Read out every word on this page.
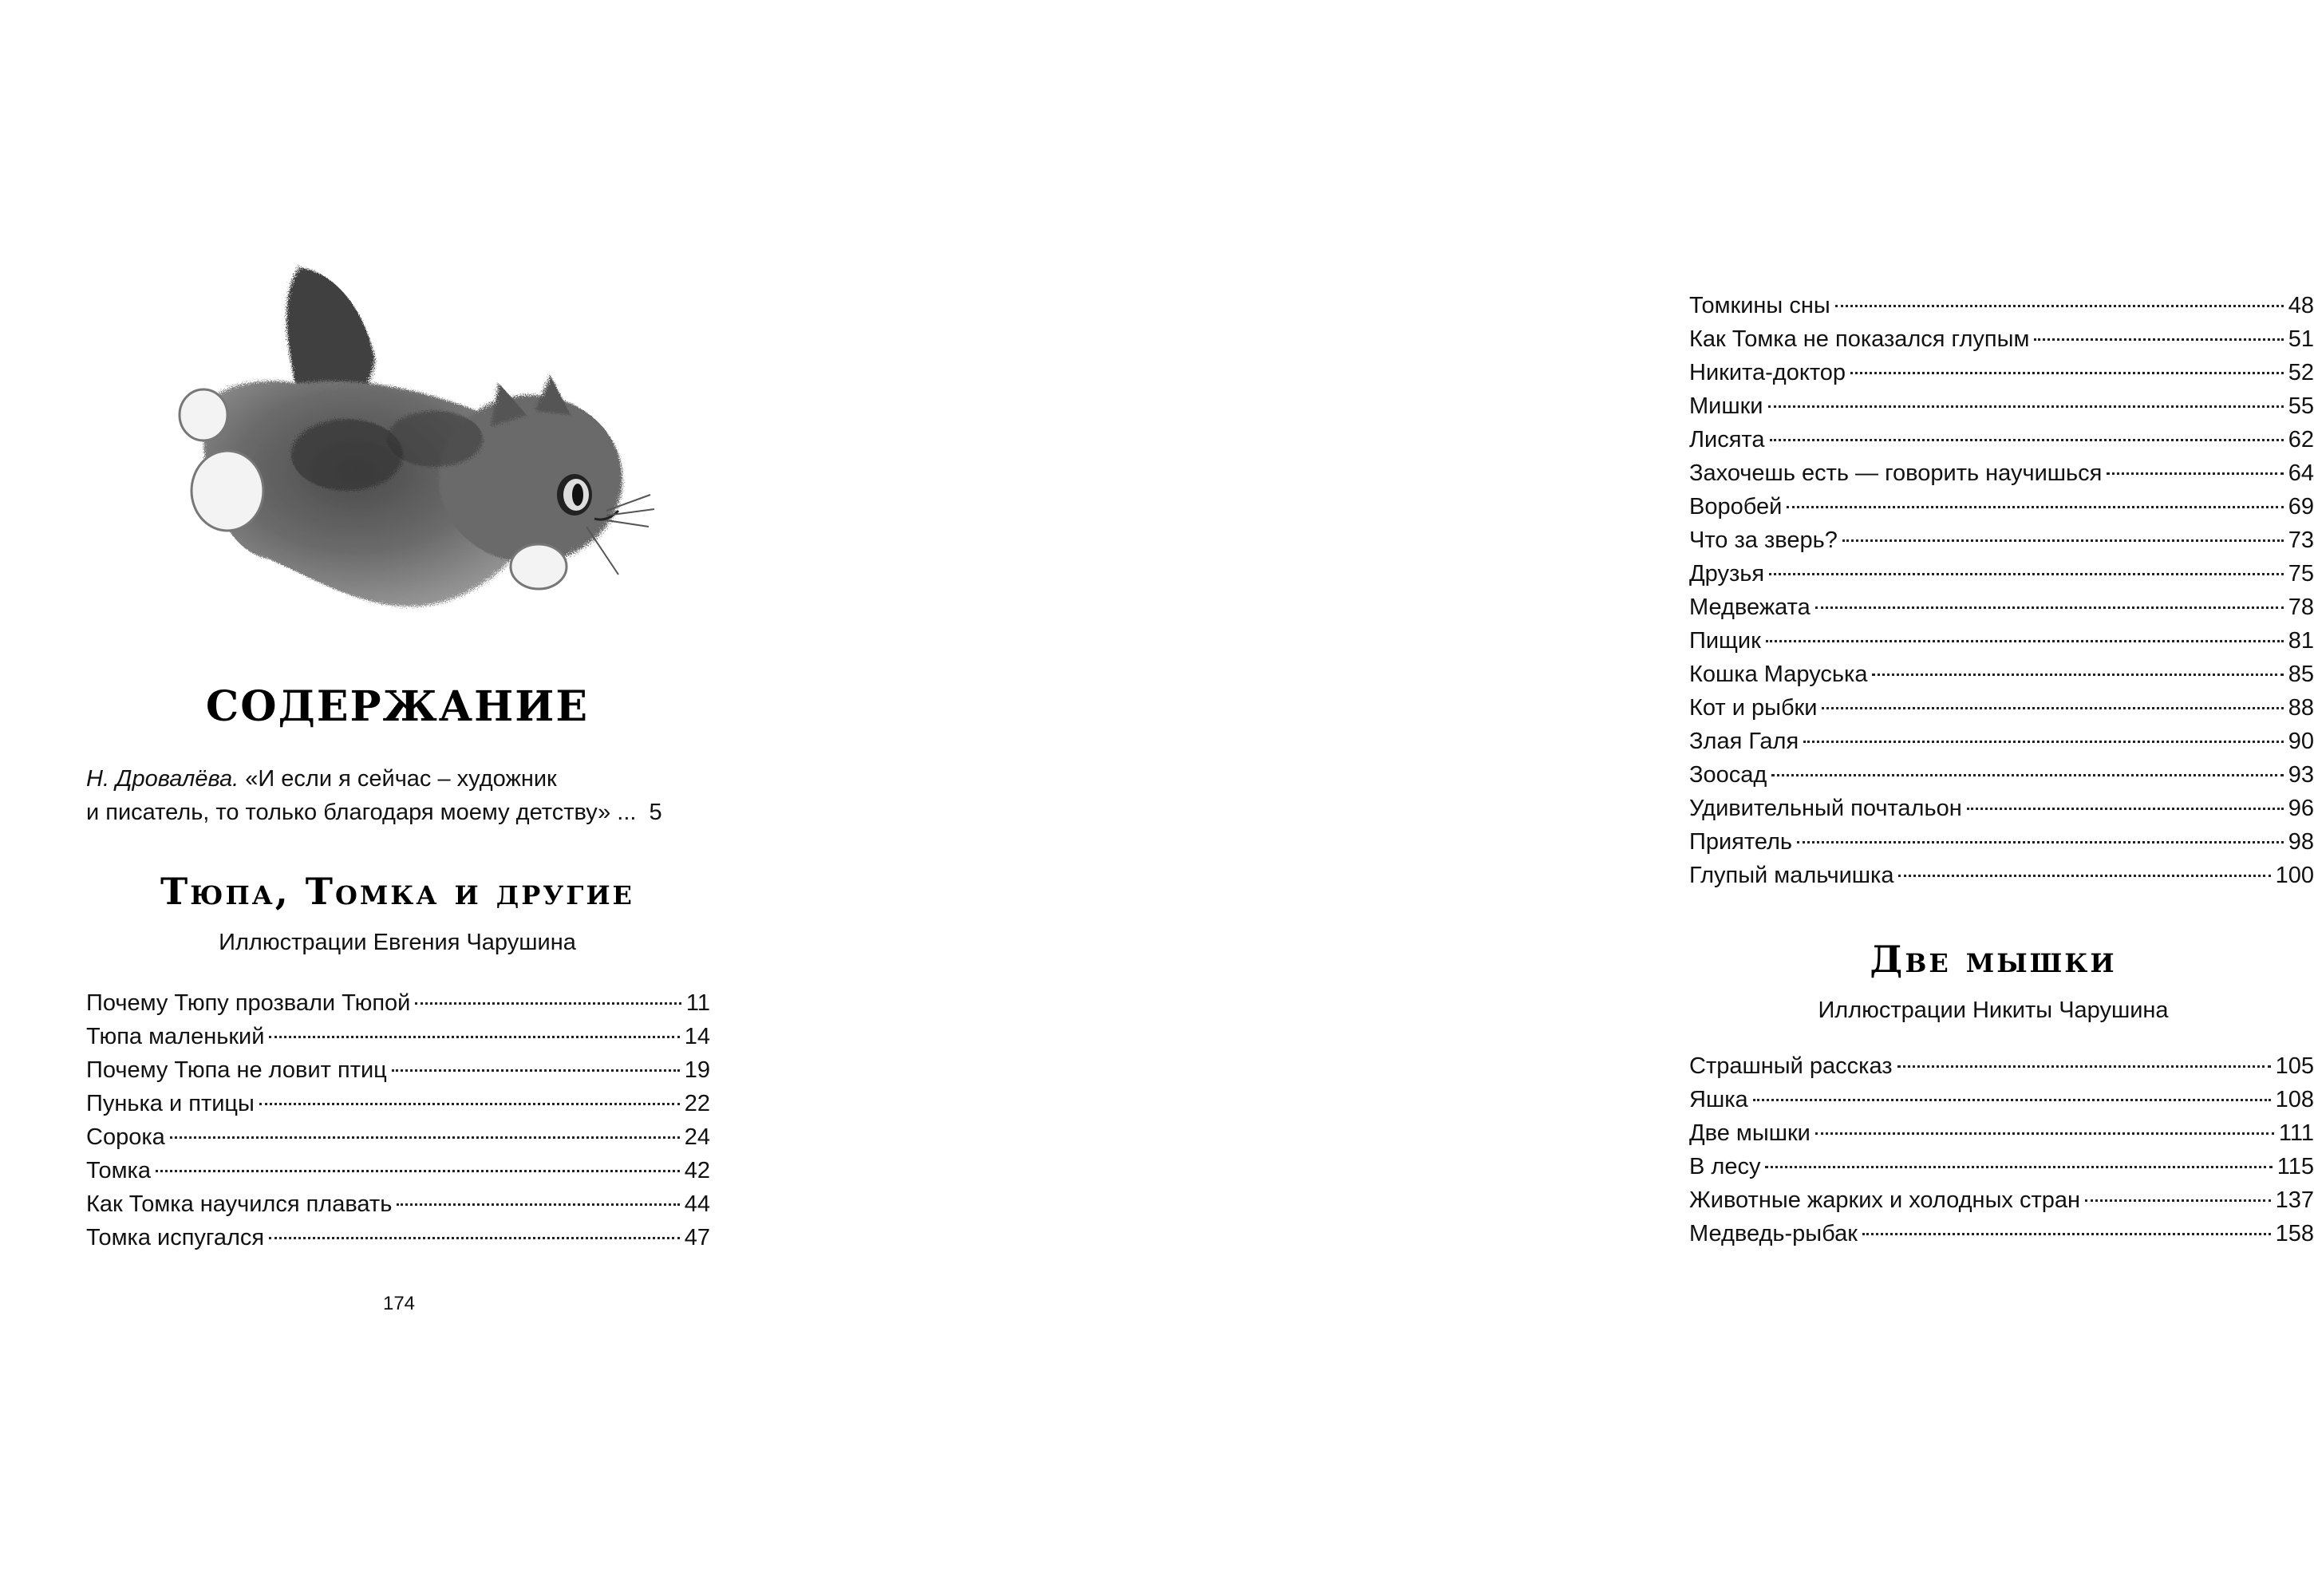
СОДЕРЖАНИЕ
Н. Дровалёва. «И если я сейчас – художник
и писатель, то только благодаря моему детству» ... 5
Тюпа, Томка и другие
Иллюстрации Евгения Чарушина
Почему Тюпу прозвали Тюпой	11
Тюпа маленький	14
Почему Тюпа не ловит птиц	19
Пунька и птицы	22
Сорока	24
Томка	42
Как Томка научился плавать	44
Томка испугался	47
174
Томкины сны	48
Как Томка не показался глупым	51
Никита-доктор	52
Мишки	55
Лисята	62
Захочешь есть — говорить научишься	64
Воробей	69
Что за зверь?	73
Друзья	75
Медвежата	78
Пищик	81
Кошка Маруська	85
Кот и рыбки	88
Злая Галя	90
Зоосад	93
Удивительный почтальон	96
Приятель	98
Глупый мальчишка	100
Две мышки
Иллюстрации Никиты Чарушина
Страшный рассказ	105
Яшка	108
Две мышки	111
В лесу	115
Животные жарких и холодных стран	137
Медведь-рыбак	158
